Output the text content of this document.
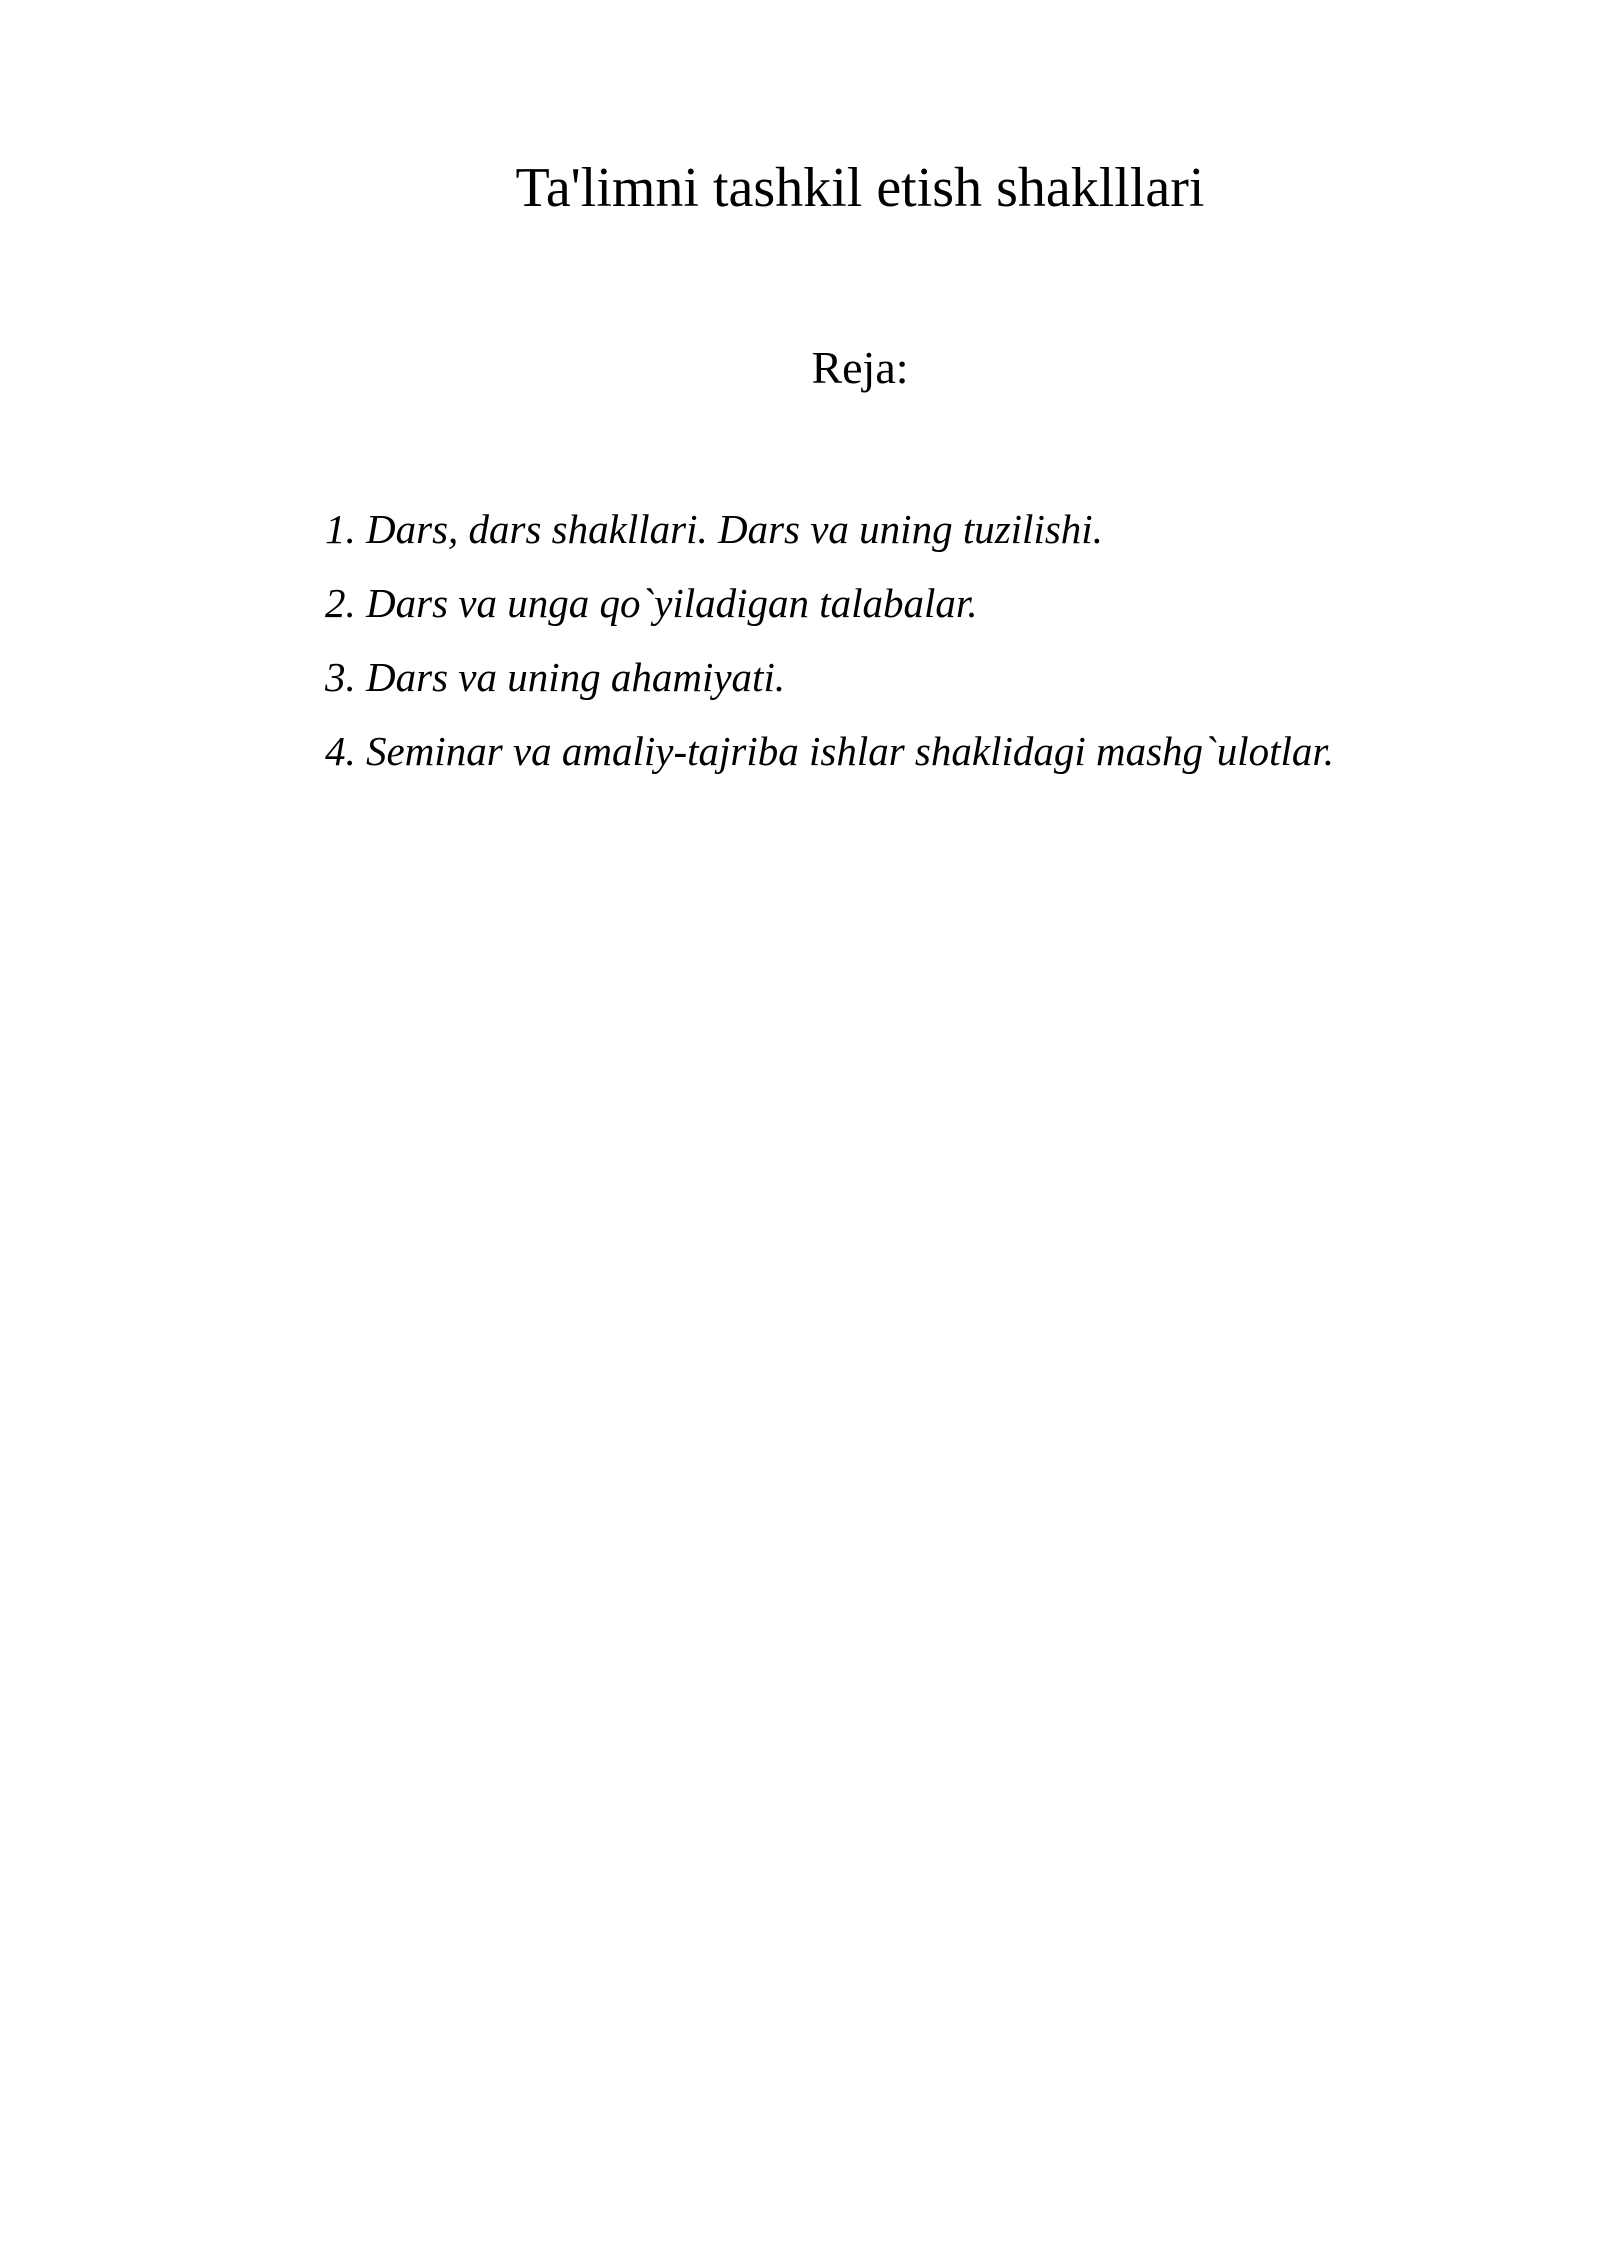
Ta'limni tashkil etish shaklllari
Reja:
1. Dars, dars shakllari. Dars va uning tuzilishi.
2. Dars va unga qo`yiladigan talabalar.
3. Dars va uning ahamiyati.
4. Seminar va amaliy-tajriba ishlar shaklidagi mashg`ulotlar.
